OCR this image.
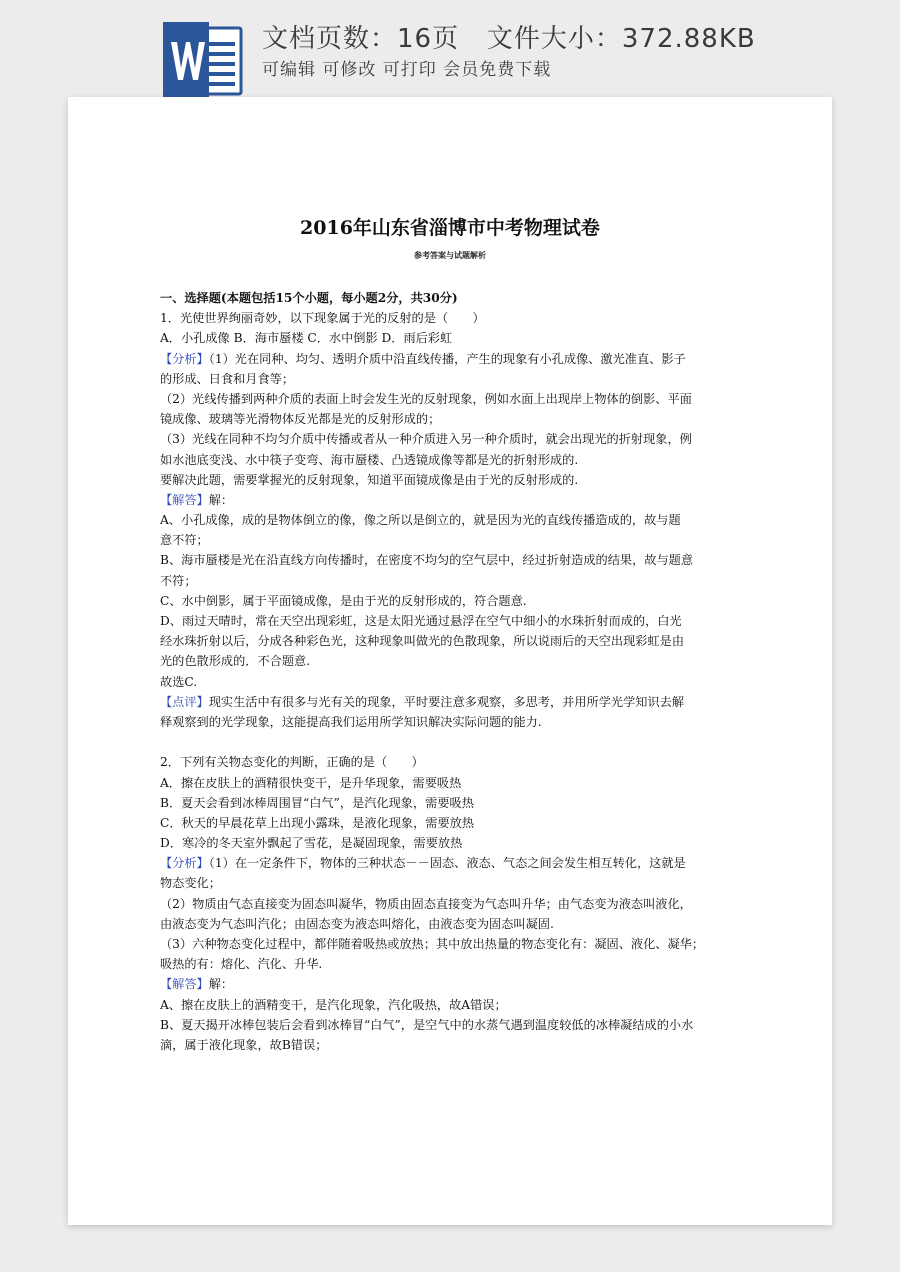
文档页数：16页   文件大小：372.88KB
可编辑 可修改 可打印 会员免费下载
2016年山东省淄博市中考物理试卷
参考答案与试题解析
一、选择题(本题包括15个小题，每小题2分，共30分)
1．光使世界绚丽奇妙，以下现象属于光的反射的是（　　）
A．小孔成像 B．海市蜃楼 C．水中倒影 D．雨后彩虹
【分析】（1）光在同种、均匀、透明介质中沿直线传播，产生的现象有小孔成像、激光准直、影子
的形成、日食和月食等；
（2）光线传播到两种介质的表面上时会发生光的反射现象，例如水面上出现岸上物体的倒影、平面
镜成像、玻璃等光滑物体反光都是光的反射形成的；
（3）光线在同种不均匀介质中传播或者从一种介质进入另一种介质时，就会出现光的折射现象，例
如水池底变浅、水中筷子变弯、海市蜃楼、凸透镜成像等都是光的折射形成的.
要解决此题，需要掌握光的反射现象，知道平面镜成像是由于光的反射形成的.
【解答】解：
A、小孔成像，成的是物体倒立的像，像之所以是倒立的，就是因为光的直线传播造成的，故与题
意不符；
B、海市蜃楼是光在沿直线方向传播时，在密度不均匀的空气层中，经过折射造成的结果，故与题意
不符；
C、水中倒影，属于平面镜成像，是由于光的反射形成的，符合题意.
D、雨过天晴时，常在天空出现彩虹，这是太阳光通过悬浮在空气中细小的水珠折射而成的，白光
经水珠折射以后，分成各种彩色光，这种现象叫做光的色散现象，所以说雨后的天空出现彩虹是由
光的色散形成的．不合题意.
故选C.
【点评】现实生活中有很多与光有关的现象，平时要注意多观察，多思考，并用所学光学知识去解
释观察到的光学现象，这能提高我们运用所学知识解决实际问题的能力.
2．下列有关物态变化的判断，正确的是（　　）
A．擦在皮肤上的酒精很快变干，是升华现象，需要吸热
B．夏天会看到冰棒周围冒“白气”，是汽化现象，需要吸热
C．秋天的早晨花草上出现小露珠，是液化现象，需要放热
D．寒冷的冬天室外飘起了雪花，是凝固现象，需要放热
【分析】（1）在一定条件下，物体的三种状态－－固态、液态、气态之间会发生相互转化，这就是
物态变化；
（2）物质由气态直接变为固态叫凝华，物质由固态直接变为气态叫升华；由气态变为液态叫液化，
由液态变为气态叫汽化；由固态变为液态叫熔化，由液态变为固态叫凝固.
（3）六种物态变化过程中，都伴随着吸热或放热；其中放出热量的物态变化有：凝固、液化、凝华；
吸热的有：熔化、汽化、升华.
【解答】解：
A、擦在皮肤上的酒精变干，是汽化现象，汽化吸热，故A错误；
B、夏天揭开冰棒包装后会看到冰棒冒“白气”，是空气中的水蒸气遇到温度较低的冰棒凝结成的小水
滴，属于液化现象，故B错误；
